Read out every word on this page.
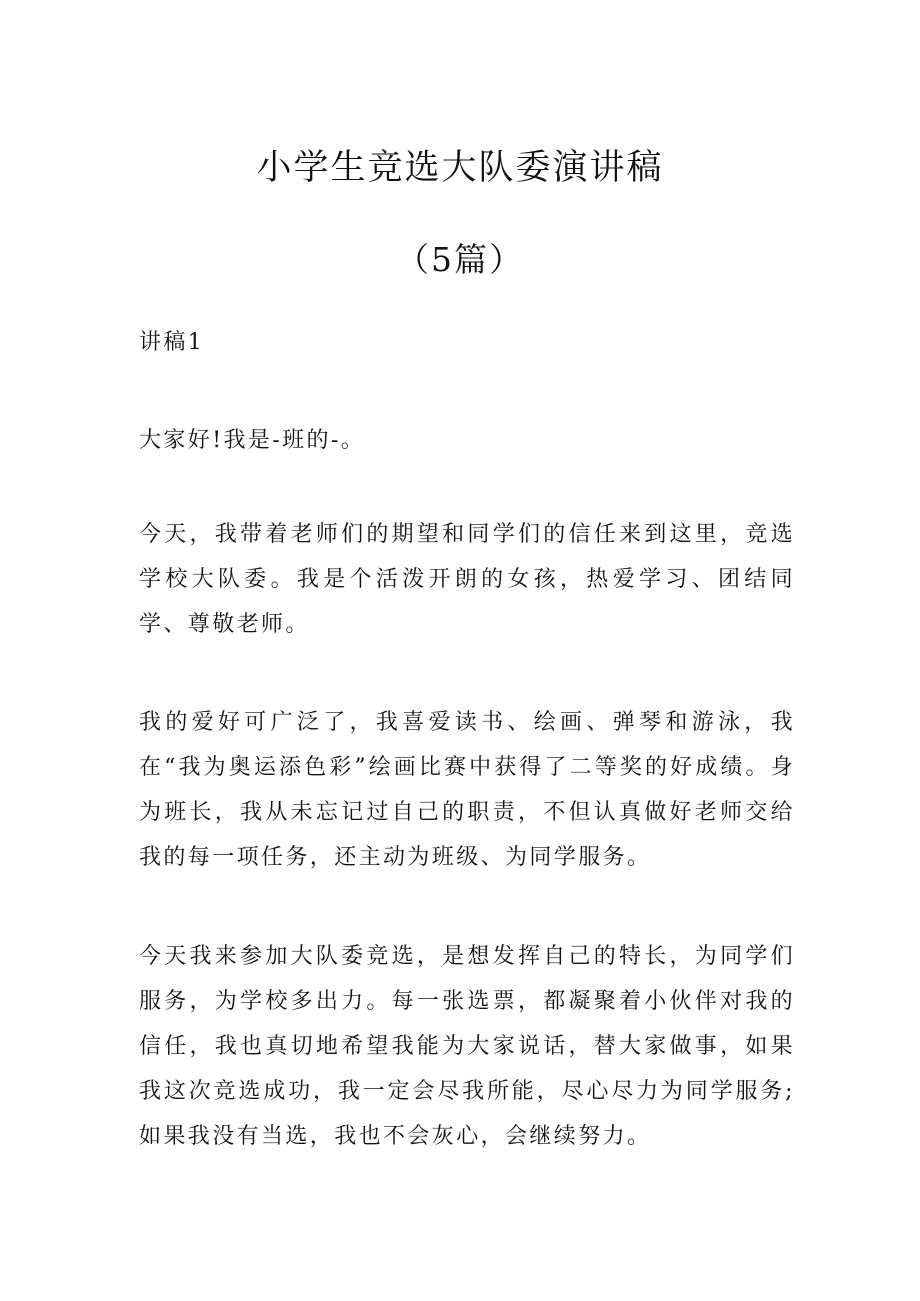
小学生竞选大队委演讲稿
（5篇）

讲稿1

大家好!我是-班的-。

今天，我带着老师们的期望和同学们的信任来到这里，竞选学校大队委。我是个活泼开朗的女孩，热爱学习、团结同学、尊敬老师。

我的爱好可广泛了，我喜爱读书、绘画、弹琴和游泳，我在“我为奥运添色彩”绘画比赛中获得了二等奖的好成绩。身为班长，我从未忘记过自己的职责，不但认真做好老师交给我的每一项任务，还主动为班级、为同学服务。

今天我来参加大队委竞选，是想发挥自己的特长，为同学们服务，为学校多出力。每一张选票，都凝聚着小伙伴对我的信任，我也真切地希望我能为大家说话，替大家做事，如果我这次竞选成功，我一定会尽我所能，尽心尽力为同学服务;如果我没有当选，我也不会灰心，会继续努力。
